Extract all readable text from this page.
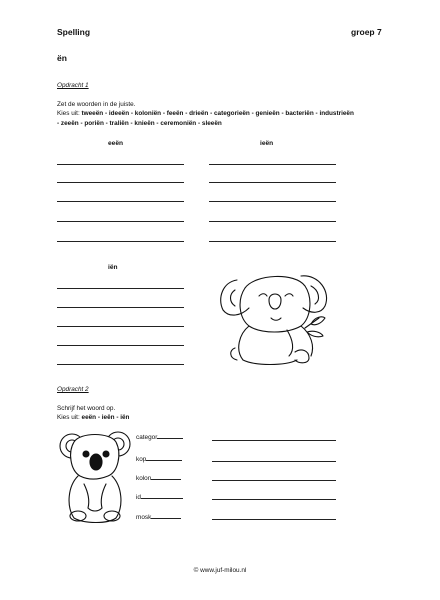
Spelling	groep 7
ën
Opdracht 1
Zet de woorden in de juiste.
Kies uit: tweeën - ideeën - koloniën - feeën - drieën - categorieën - genieën - bacteriën - industrieën
- zeeën - poriën - traliën - knieën - ceremoniën - sleeën
eeën	ieën
iën
Opdracht 2
Schrijf het woord op.
Kies uit: eeën - ieën - iën
categor
kop
kolon
id
mosk
© www.juf-milou.nl
